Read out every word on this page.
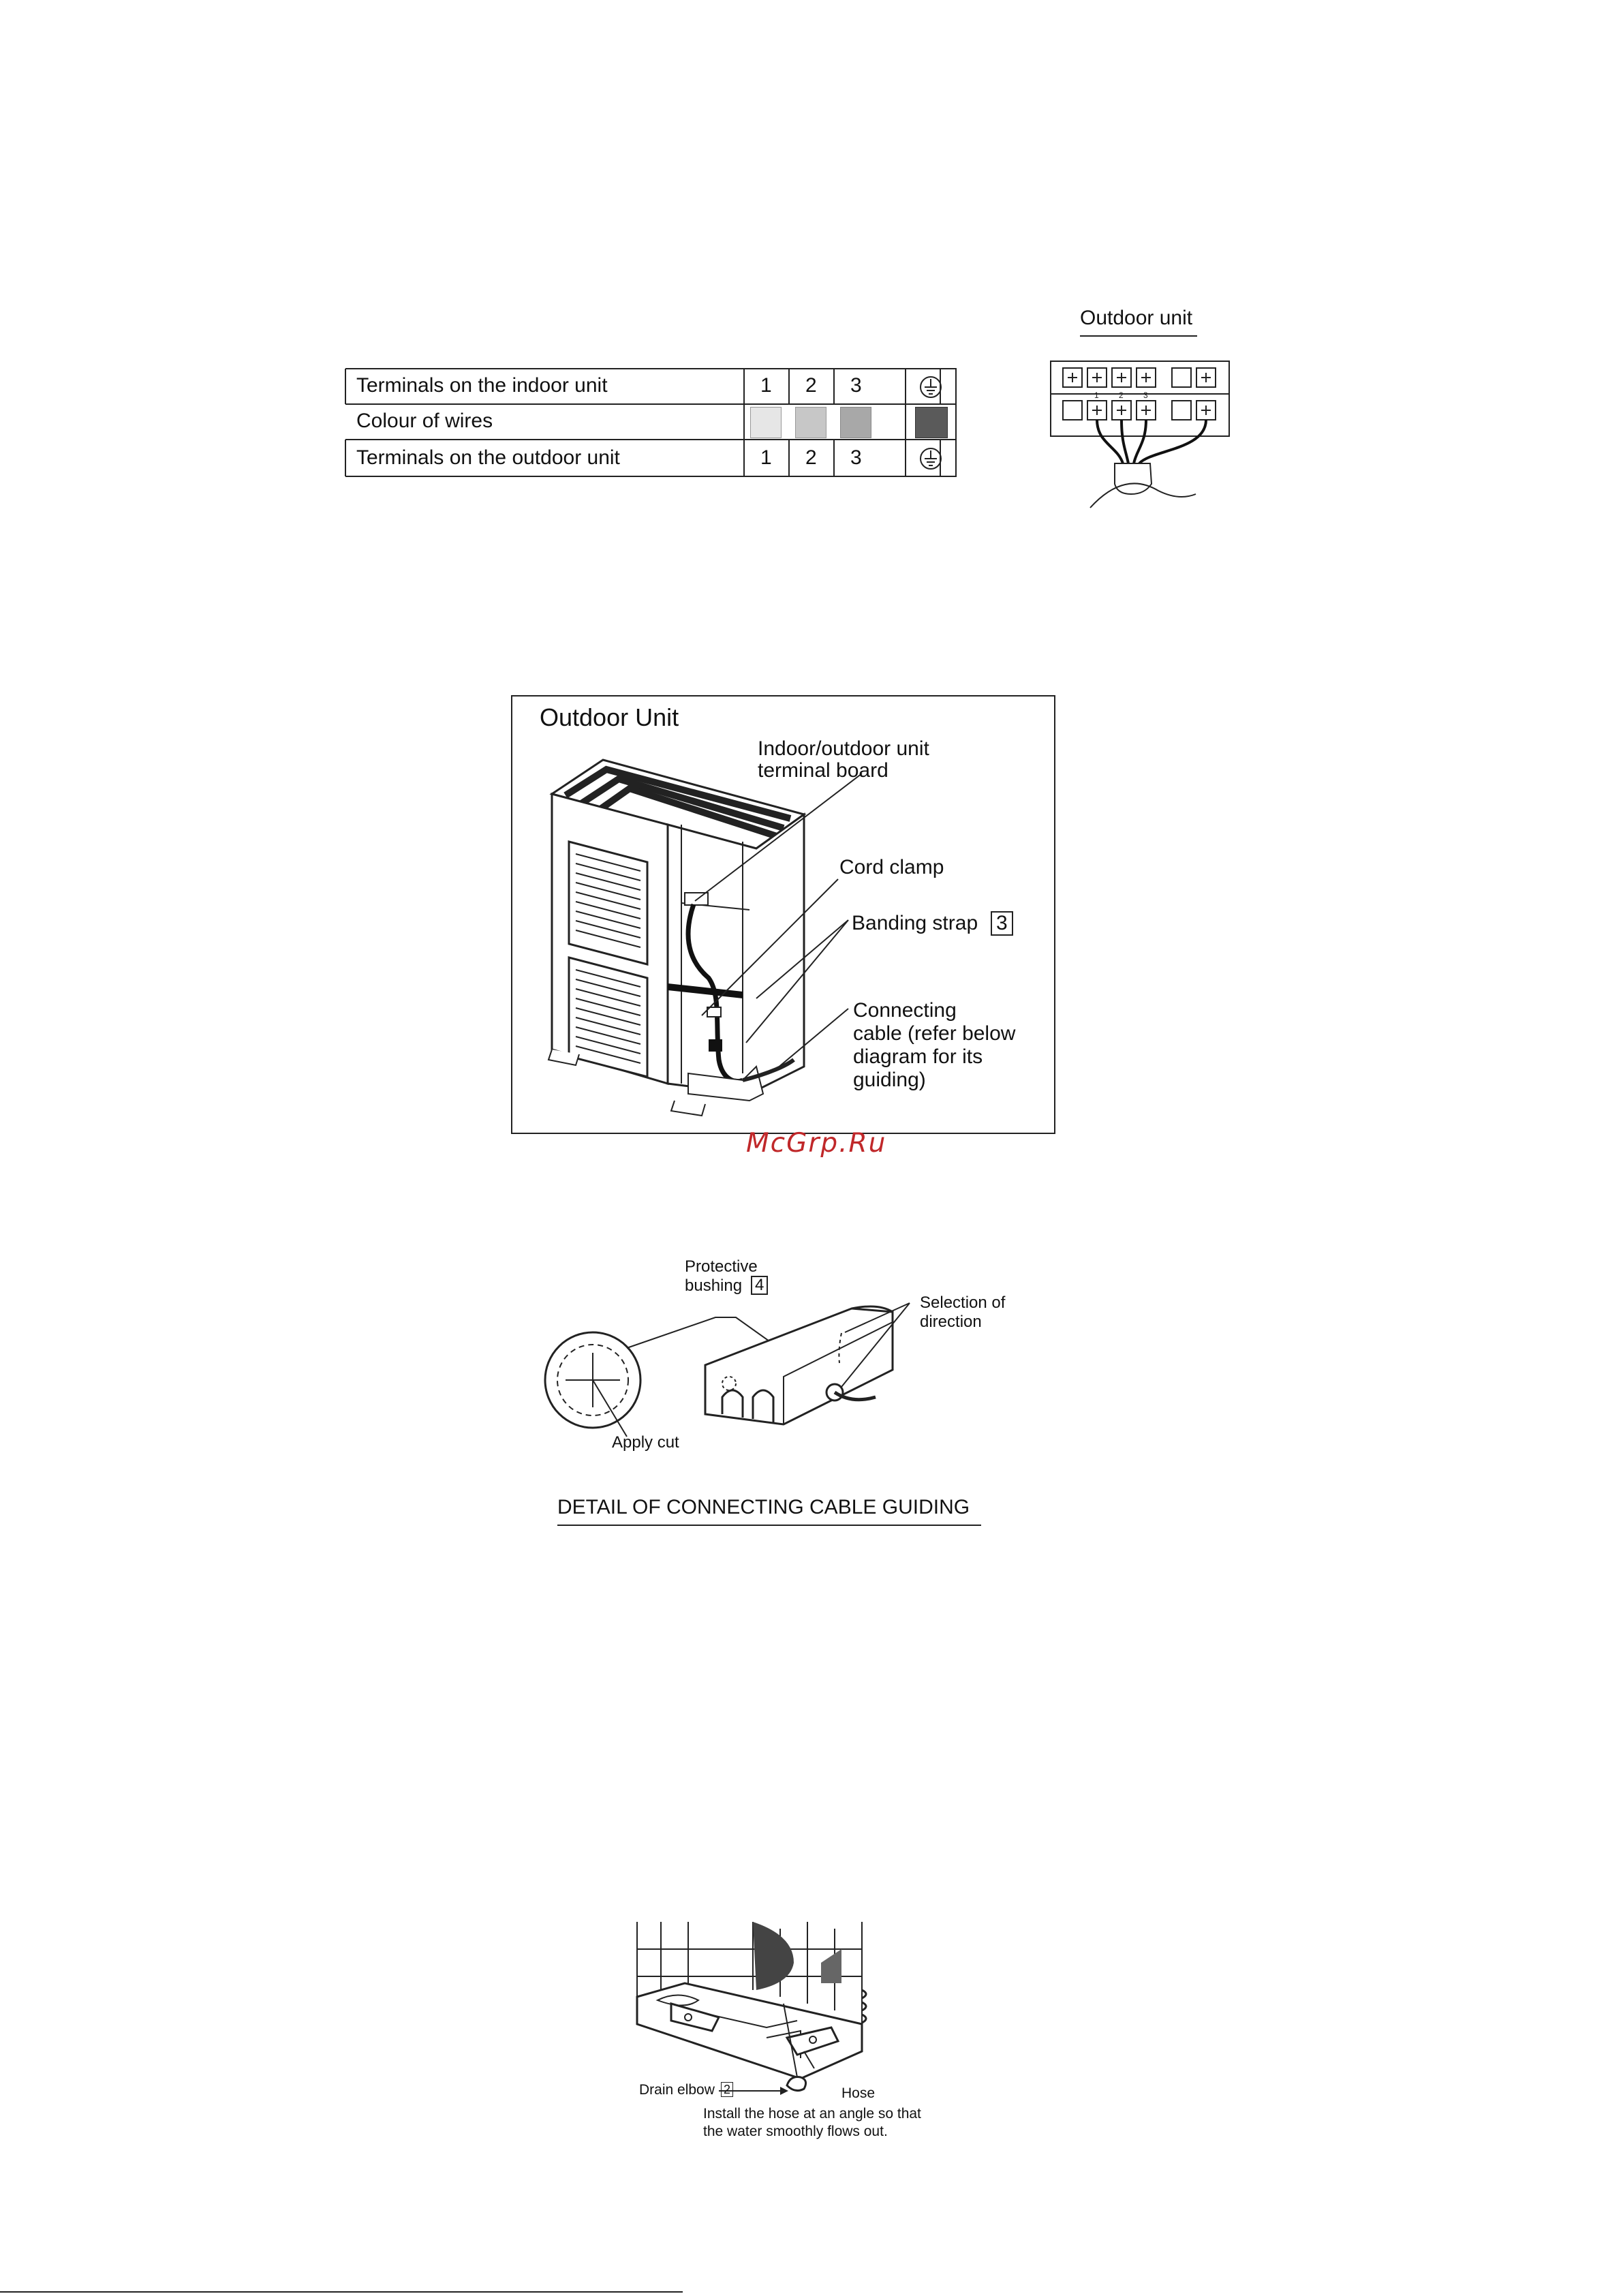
Terminals on the indoor unit
Colour of wires
Terminals on the outdoor unit
1 2 3
1 2 3
Outdoor unit
1 2 3
Outdoor Unit
Indoor/outdoor unit
terminal board
Cord clamp
Banding strap 3
Connecting
cable (refer below
diagram for its
guiding)
McGrp.Ru
Protective
bushing 4
Selection of
direction
Apply cut
DETAIL OF CONNECTING CABLE GUIDING
Drain elbow 2	Hose
Install the hose at an angle so that
the water smoothly flows out.
